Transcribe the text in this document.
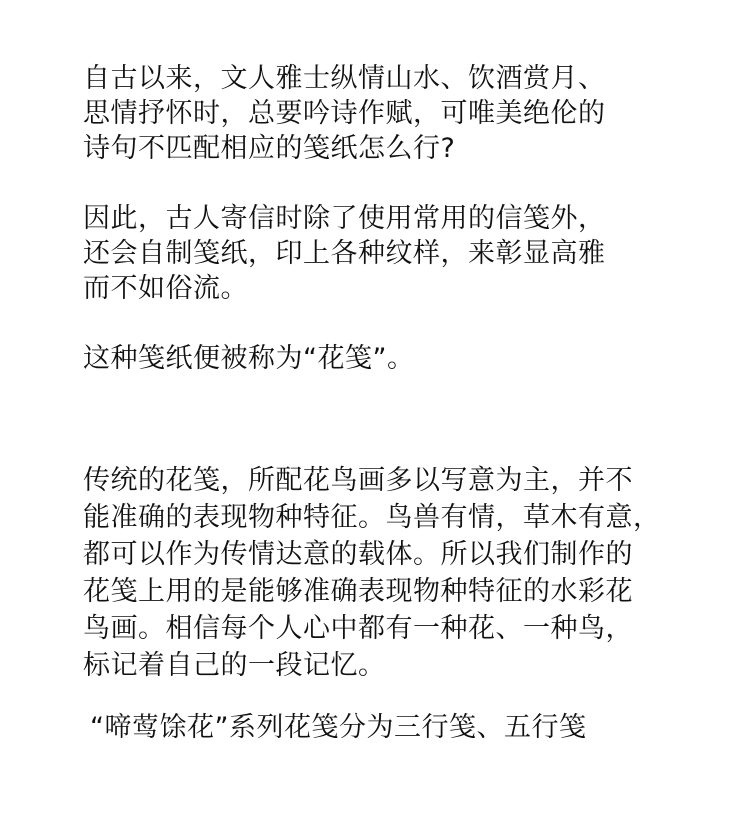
自古以来，文人雅士纵情山水、饮酒赏月、
思情抒怀时，总要吟诗作赋，可唯美绝伦的
诗句不匹配相应的笺纸怎么行?
因此，古人寄信时除了使用常用的信笺外，
还会自制笺纸，印上各种纹样，来彰显高雅
而不如俗流。
这种笺纸便被称为“花笺”。
传统的花笺，所配花鸟画多以写意为主，并不
能准确的表现物种特征。鸟兽有情，草木有意，
都可以作为传情达意的载体。所以我们制作的
花笺上用的是能够准确表现物种特征的水彩花
鸟画。相信每个人心中都有一种花、一种鸟，
标记着自己的一段记忆。
“啼莺馀花”系列花笺分为三行笺、五行笺
